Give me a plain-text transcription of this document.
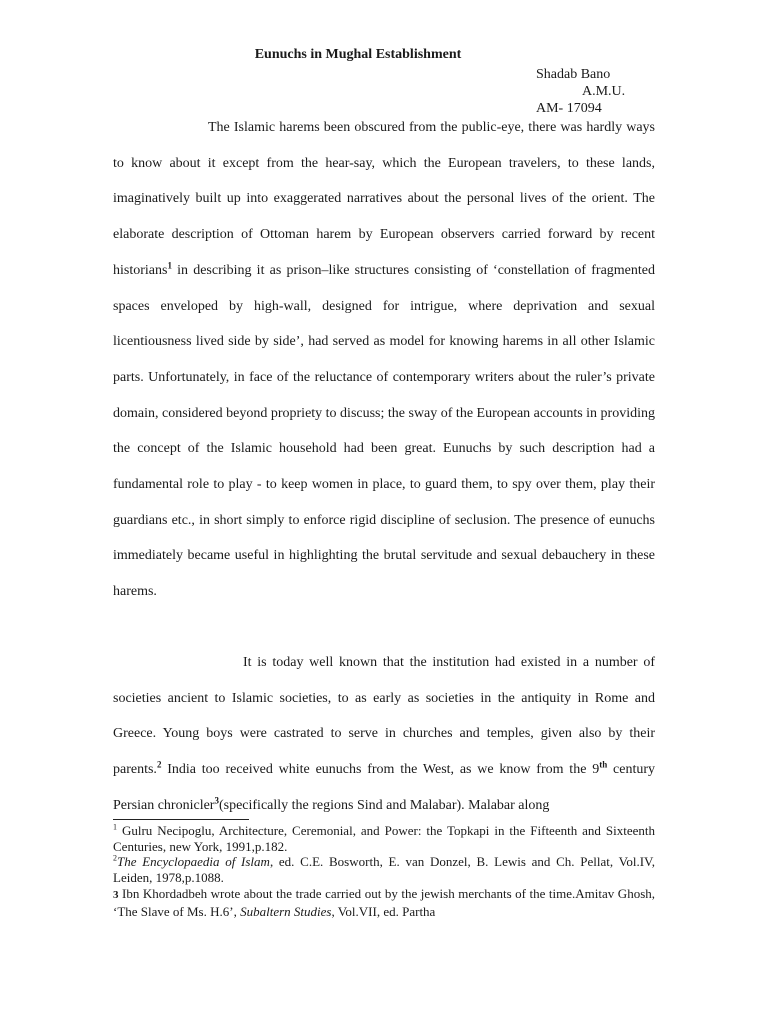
Eunuchs in Mughal Establishment
Shadab Bano
A.M.U.
AM- 17094
The Islamic harems been obscured from the public-eye, there was hardly ways to know about it except from the hear-say, which the European travelers, to these lands, imaginatively built up into exaggerated narratives about the personal lives of the orient. The elaborate description of Ottoman harem by European observers carried forward by recent historians$^1$ in describing it as prison–like structures consisting of ‘constellation of fragmented spaces enveloped by high-wall, designed for intrigue, where deprivation and sexual licentiousness lived side by side’, had served as model for knowing harems in all other Islamic parts. Unfortunately, in face of the reluctance of contemporary writers about the ruler’s private domain, considered beyond propriety to discuss; the sway of the European accounts in providing the concept of the Islamic household had been great. Eunuchs by such description had a fundamental role to play - to keep women in place, to guard them, to spy over them, play their guardians etc., in short simply to enforce rigid discipline of seclusion. The presence of eunuchs immediately became useful in highlighting the brutal servitude and sexual debauchery in these harems.
It is today well known that the institution had existed in a number of societies ancient to Islamic societies, to as early as societies in the antiquity in Rome and Greece. Young boys were castrated to serve in churches and temples, given also by their parents.$^2$ India too received white eunuchs from the West, as we know from the 9th century Persian chronicler$^3$(specifically the regions Sind and Malabar). Malabar along

$^1$ Gulru Necipoglu, Architecture, Ceremonial, and Power: the Topkapi in the Fifteenth and Sixteenth Centuries, new York, 1991,p.182.

$^2$The Encyclopaedia of Islam, ed. C.E. Bosworth, E. van Donzel, B. Lewis and Ch. Pellat, Vol.IV, Leiden, 1978,p.1088.

3 Ibn Khordadbeh wrote about the trade carried out by the jewish merchants of the time.Amitav Ghosh, ‘The Slave of Ms. H.6’, Subaltern Studies, Vol.VII, ed. Partha
